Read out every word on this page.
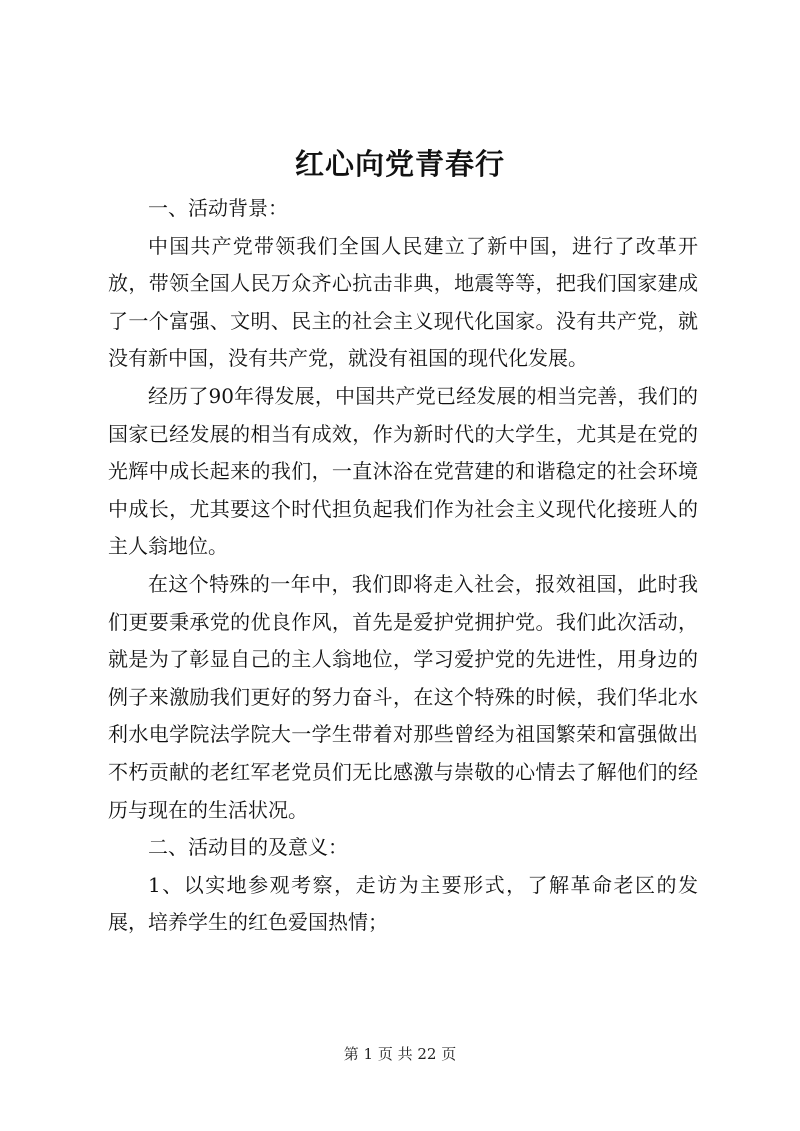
红心向党青春行

一、活动背景：

中国共产党带领我们全国人民建立了新中国，进行了改革开放，带领全国人民万众齐心抗击非典，地震等等，把我们国家建成了一个富强、文明、民主的社会主义现代化国家。没有共产党，就没有新中国，没有共产党，就没有祖国的现代化发展。

经历了90年得发展，中国共产党已经发展的相当完善，我们的国家已经发展的相当有成效，作为新时代的大学生，尤其是在党的光辉中成长起来的我们，一直沐浴在党营建的和谐稳定的社会环境中成长，尤其要这个时代担负起我们作为社会主义现代化接班人的主人翁地位。

在这个特殊的一年中，我们即将走入社会，报效祖国，此时我们更要秉承党的优良作风，首先是爱护党拥护党。我们此次活动，就是为了彰显自己的主人翁地位，学习爱护党的先进性，用身边的例子来激励我们更好的努力奋斗，在这个特殊的时候，我们华北水利水电学院法学院大一学生带着对那些曾经为祖国繁荣和富强做出不朽贡献的老红军老党员们无比感激与崇敬的心情去了解他们的经历与现在的生活状况。

二、活动目的及意义：

1、以实地参观考察，走访为主要形式，了解革命老区的发展，培养学生的红色爱国热情；

第 1 页 共 22 页
